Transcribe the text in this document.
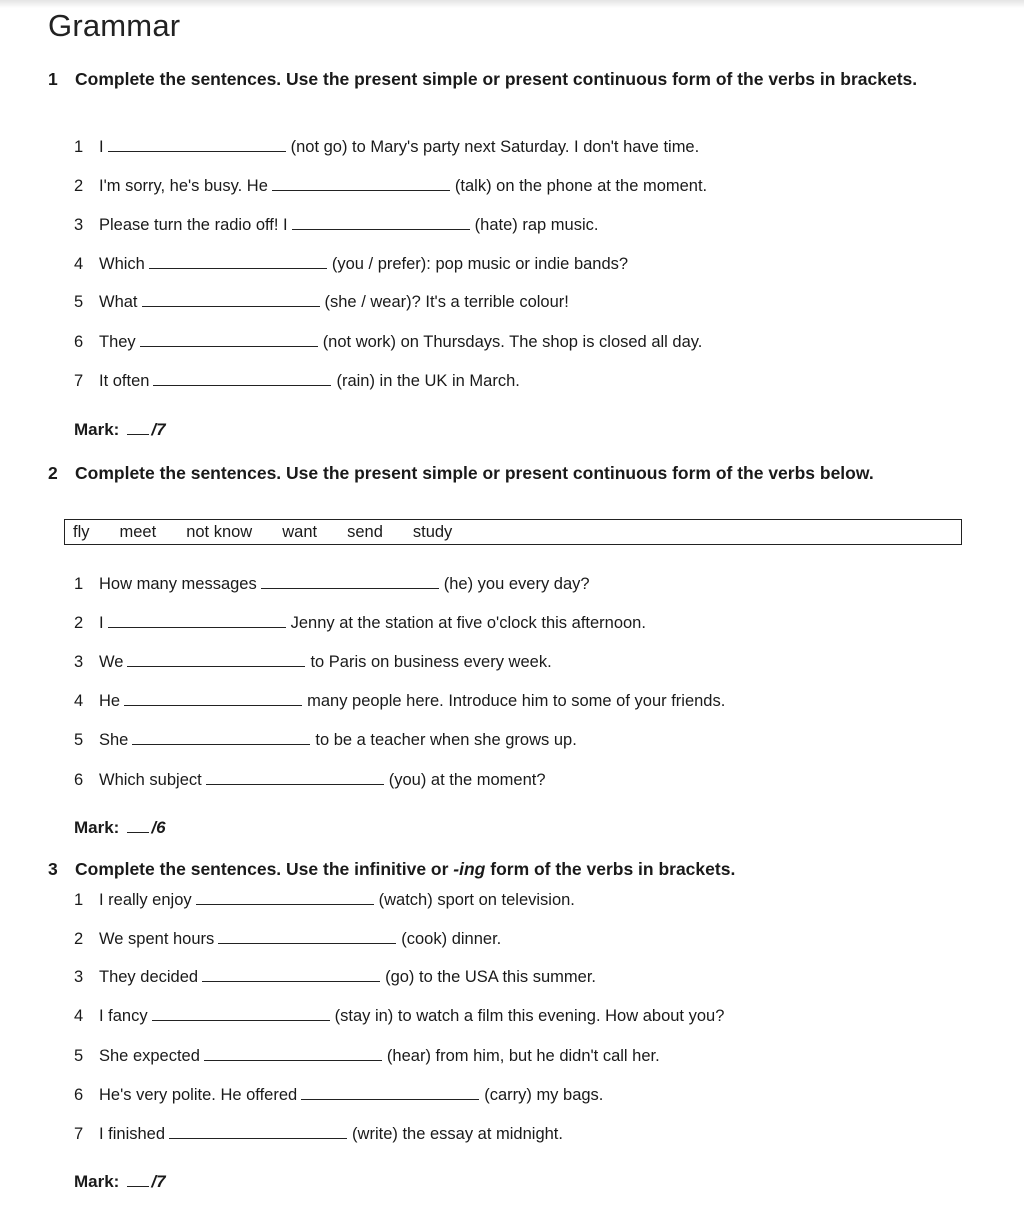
Grammar
1 Complete the sentences. Use the present simple or present continuous form of the verbs in brackets.
1 I	(not go) to Mary's party next Saturday. I don't have time.
2 I'm sorry, he's busy. He	(talk) on the phone at the moment.
3 Please turn the radio off! I	(hate) rap music.
4 Which	(you / prefer): pop music or indie bands?
5 What	(she / wear)? It's a terrible colour!
6 They	(not work) on Thursdays. The shop is closed all day.
7 It often	(rain) in the UK in March.
Mark: /7
2 Complete the sentences. Use the present simple or present continuous form of the verbs below.
fly meet not know want send study
1 How many messages	(he) you every day?
2 I	Jenny at the station at five o'clock this afternoon.
3 We	to Paris on business every week.
4 He	many people here. Introduce him to some of your friends.
5 She	to be a teacher when she grows up.
6 Which subject	(you) at the moment?
Mark: /6
3 Complete the sentences. Use the infinitive or -ing form of the verbs in brackets.
1 I really enjoy	(watch) sport on television.
2 We spent hours	(cook) dinner.
3 They decided	(go) to the USA this summer.
4 I fancy	(stay in) to watch a film this evening. How about you?
5 She expected	(hear) from him, but he didn't call her.
6 He's very polite. He offered	(carry) my bags.
7 I finished	(write) the essay at midnight.
Mark: /7
